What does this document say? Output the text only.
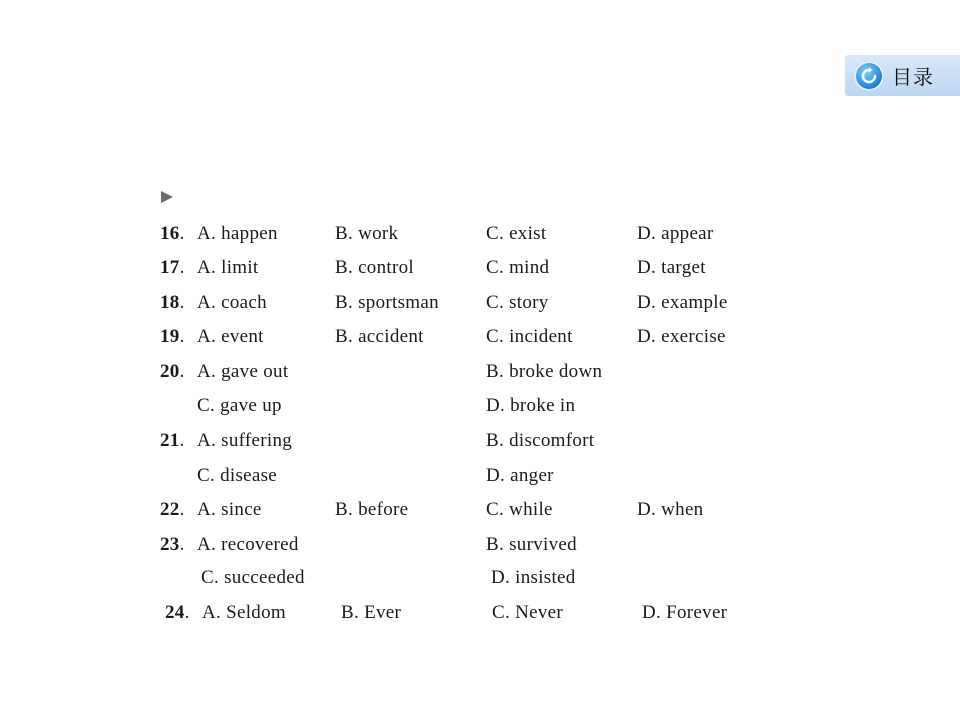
目录
16. A. happen	B. work	C. exist	D. appear
17. A. limit	B. control	C. mind	D. target
18. A. coach	B. sportsman C. story	D. example
19. A. event	B. accident	C. incident	D. exercise
20. A. gave out	B. broke down
C. gave up	D. broke in
21. A. suffering	B. discomfort
C. disease	D. anger
22. A. since	B. before	C. while	D. when
23. A. recovered	B. survived
C. succeeded	D. insisted
24. A. Seldom	B. Ever	C. Never	D. Forever
